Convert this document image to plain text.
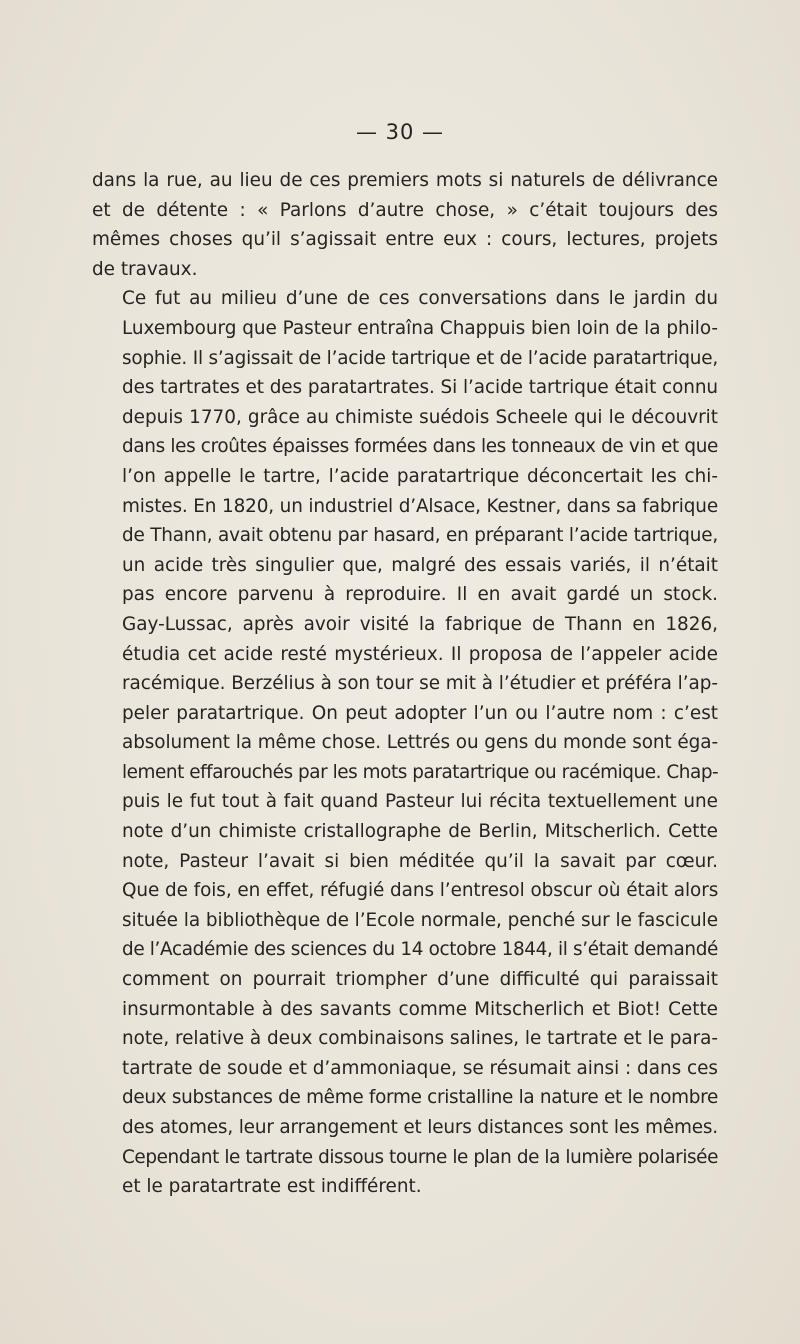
— 30 —

dans la rue, au lieu de ces premiers mots si naturels de délivrance
et de détente : « Parlons d’autre chose, » c’était toujours des
mêmes choses qu’il s’agissait entre eux : cours, lectures, projets
de travaux.

Ce fut au milieu d’une de ces conversations dans le jardin du
Luxembourg que Pasteur entraîna Chappuis bien loin de la philo-
sophie. Il s’agissait de l’acide tartrique et de l’acide paratartrique,
des tartrates et des paratartrates. Si l’acide tartrique était connu
depuis 1770, grâce au chimiste suédois Scheele qui le découvrit
dans les croûtes épaisses formées dans les tonneaux de vin et que
l’on appelle le tartre, l’acide paratartrique déconcertait les chi-
mistes. En 1820, un industriel d’Alsace, Kestner, dans sa fabrique
de Thann, avait obtenu par hasard, en préparant l’acide tartrique,
un acide très singulier que, malgré des essais variés, il n’était
pas encore parvenu à reproduire. Il en avait gardé un stock.
Gay-Lussac, après avoir visité la fabrique de Thann en 1826,
étudia cet acide resté mystérieux. Il proposa de l’appeler acide
racémique. Berzélius à son tour se mit à l’étudier et préféra l’ap-
peler paratartrique. On peut adopter l’un ou l’autre nom : c’est
absolument la même chose. Lettrés ou gens du monde sont éga-
lement effarouchés par les mots paratartrique ou racémique. Chap-
puis le fut tout à fait quand Pasteur lui récita textuellement une
note d’un chimiste cristallographe de Berlin, Mitscherlich. Cette
note, Pasteur l’avait si bien méditée qu’il la savait par cœur.
Que de fois, en effet, réfugié dans l’entresol obscur où était alors
située la bibliothèque de l’Ecole normale, penché sur le fascicule
de l’Académie des sciences du 14 octobre 1844, il s’était demandé
comment on pourrait triompher d’une difficulté qui paraissait
insurmontable à des savants comme Mitscherlich et Biot! Cette
note, relative à deux combinaisons salines, le tartrate et le para-
tartrate de soude et d’ammoniaque, se résumait ainsi : dans ces
deux substances de même forme cristalline la nature et le nombre
des atomes, leur arrangement et leurs distances sont les mêmes.
Cependant le tartrate dissous tourne le plan de la lumière polarisée
et le paratartrate est indifférent.
